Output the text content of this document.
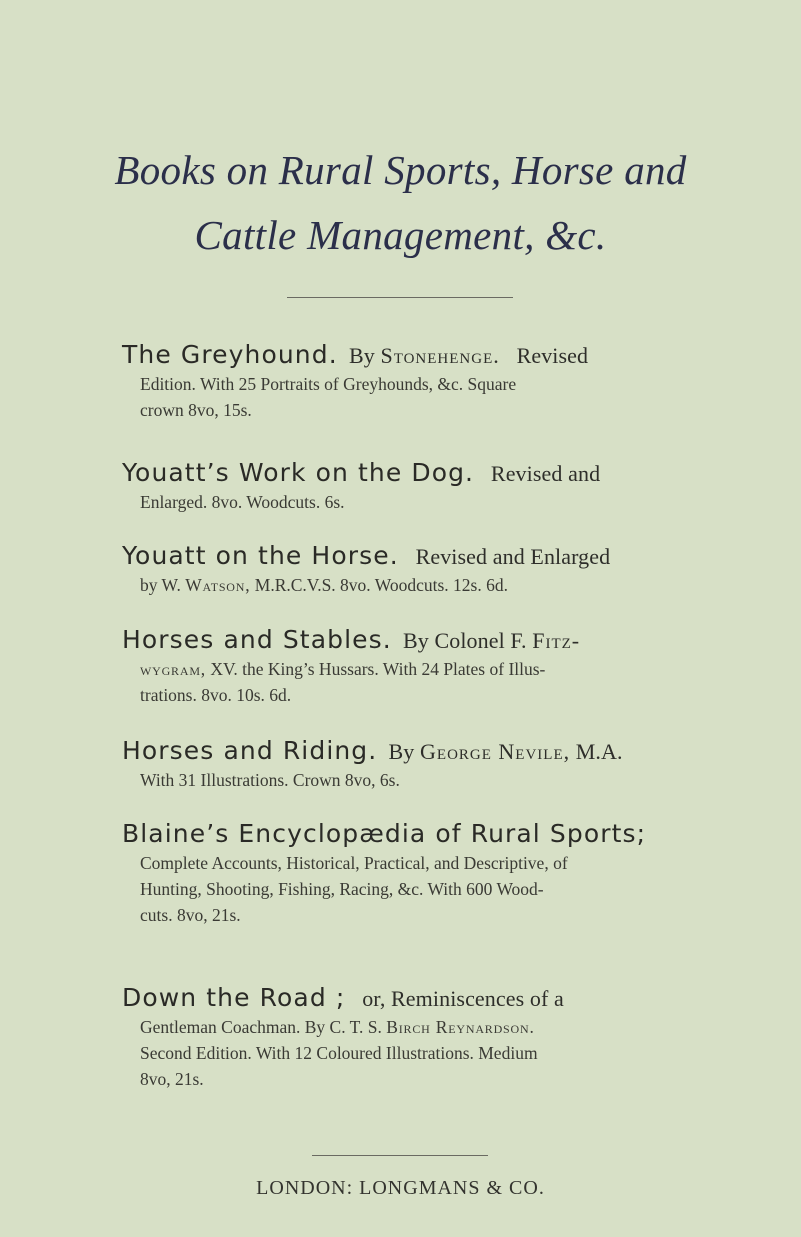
Books on Rural Sports, Horse and
Cattle Management, &c.
The Greyhound. By Stonehenge. Revised
Edition. With 25 Portraits of Greyhounds, &c. Square
crown 8vo, 15s.
Youatt’s Work on the Dog. Revised and
Enlarged. 8vo. Woodcuts. 6s.
Youatt on the Horse. Revised and Enlarged
by W. Watson, M.R.C.V.S. 8vo. Woodcuts. 12s. 6d.
Horses and Stables. By Colonel F. Fitz-
wygram, XV. the King’s Hussars. With 24 Plates of Illus-
trations. 8vo. 10s. 6d.
Horses and Riding. By George Nevile, M.A.
With 31 Illustrations. Crown 8vo, 6s.
Blaine’s Encyclopædia of Rural Sports;
Complete Accounts, Historical, Practical, and Descriptive, of
Hunting, Shooting, Fishing, Racing, &c. With 600 Wood-
cuts. 8vo, 21s.
Down the Road ; or, Reminiscences of a
Gentleman Coachman. By C. T. S. Birch Reynardson.
Second Edition. With 12 Coloured Illustrations. Medium
8vo, 21s.
LONDON: LONGMANS & CO.
